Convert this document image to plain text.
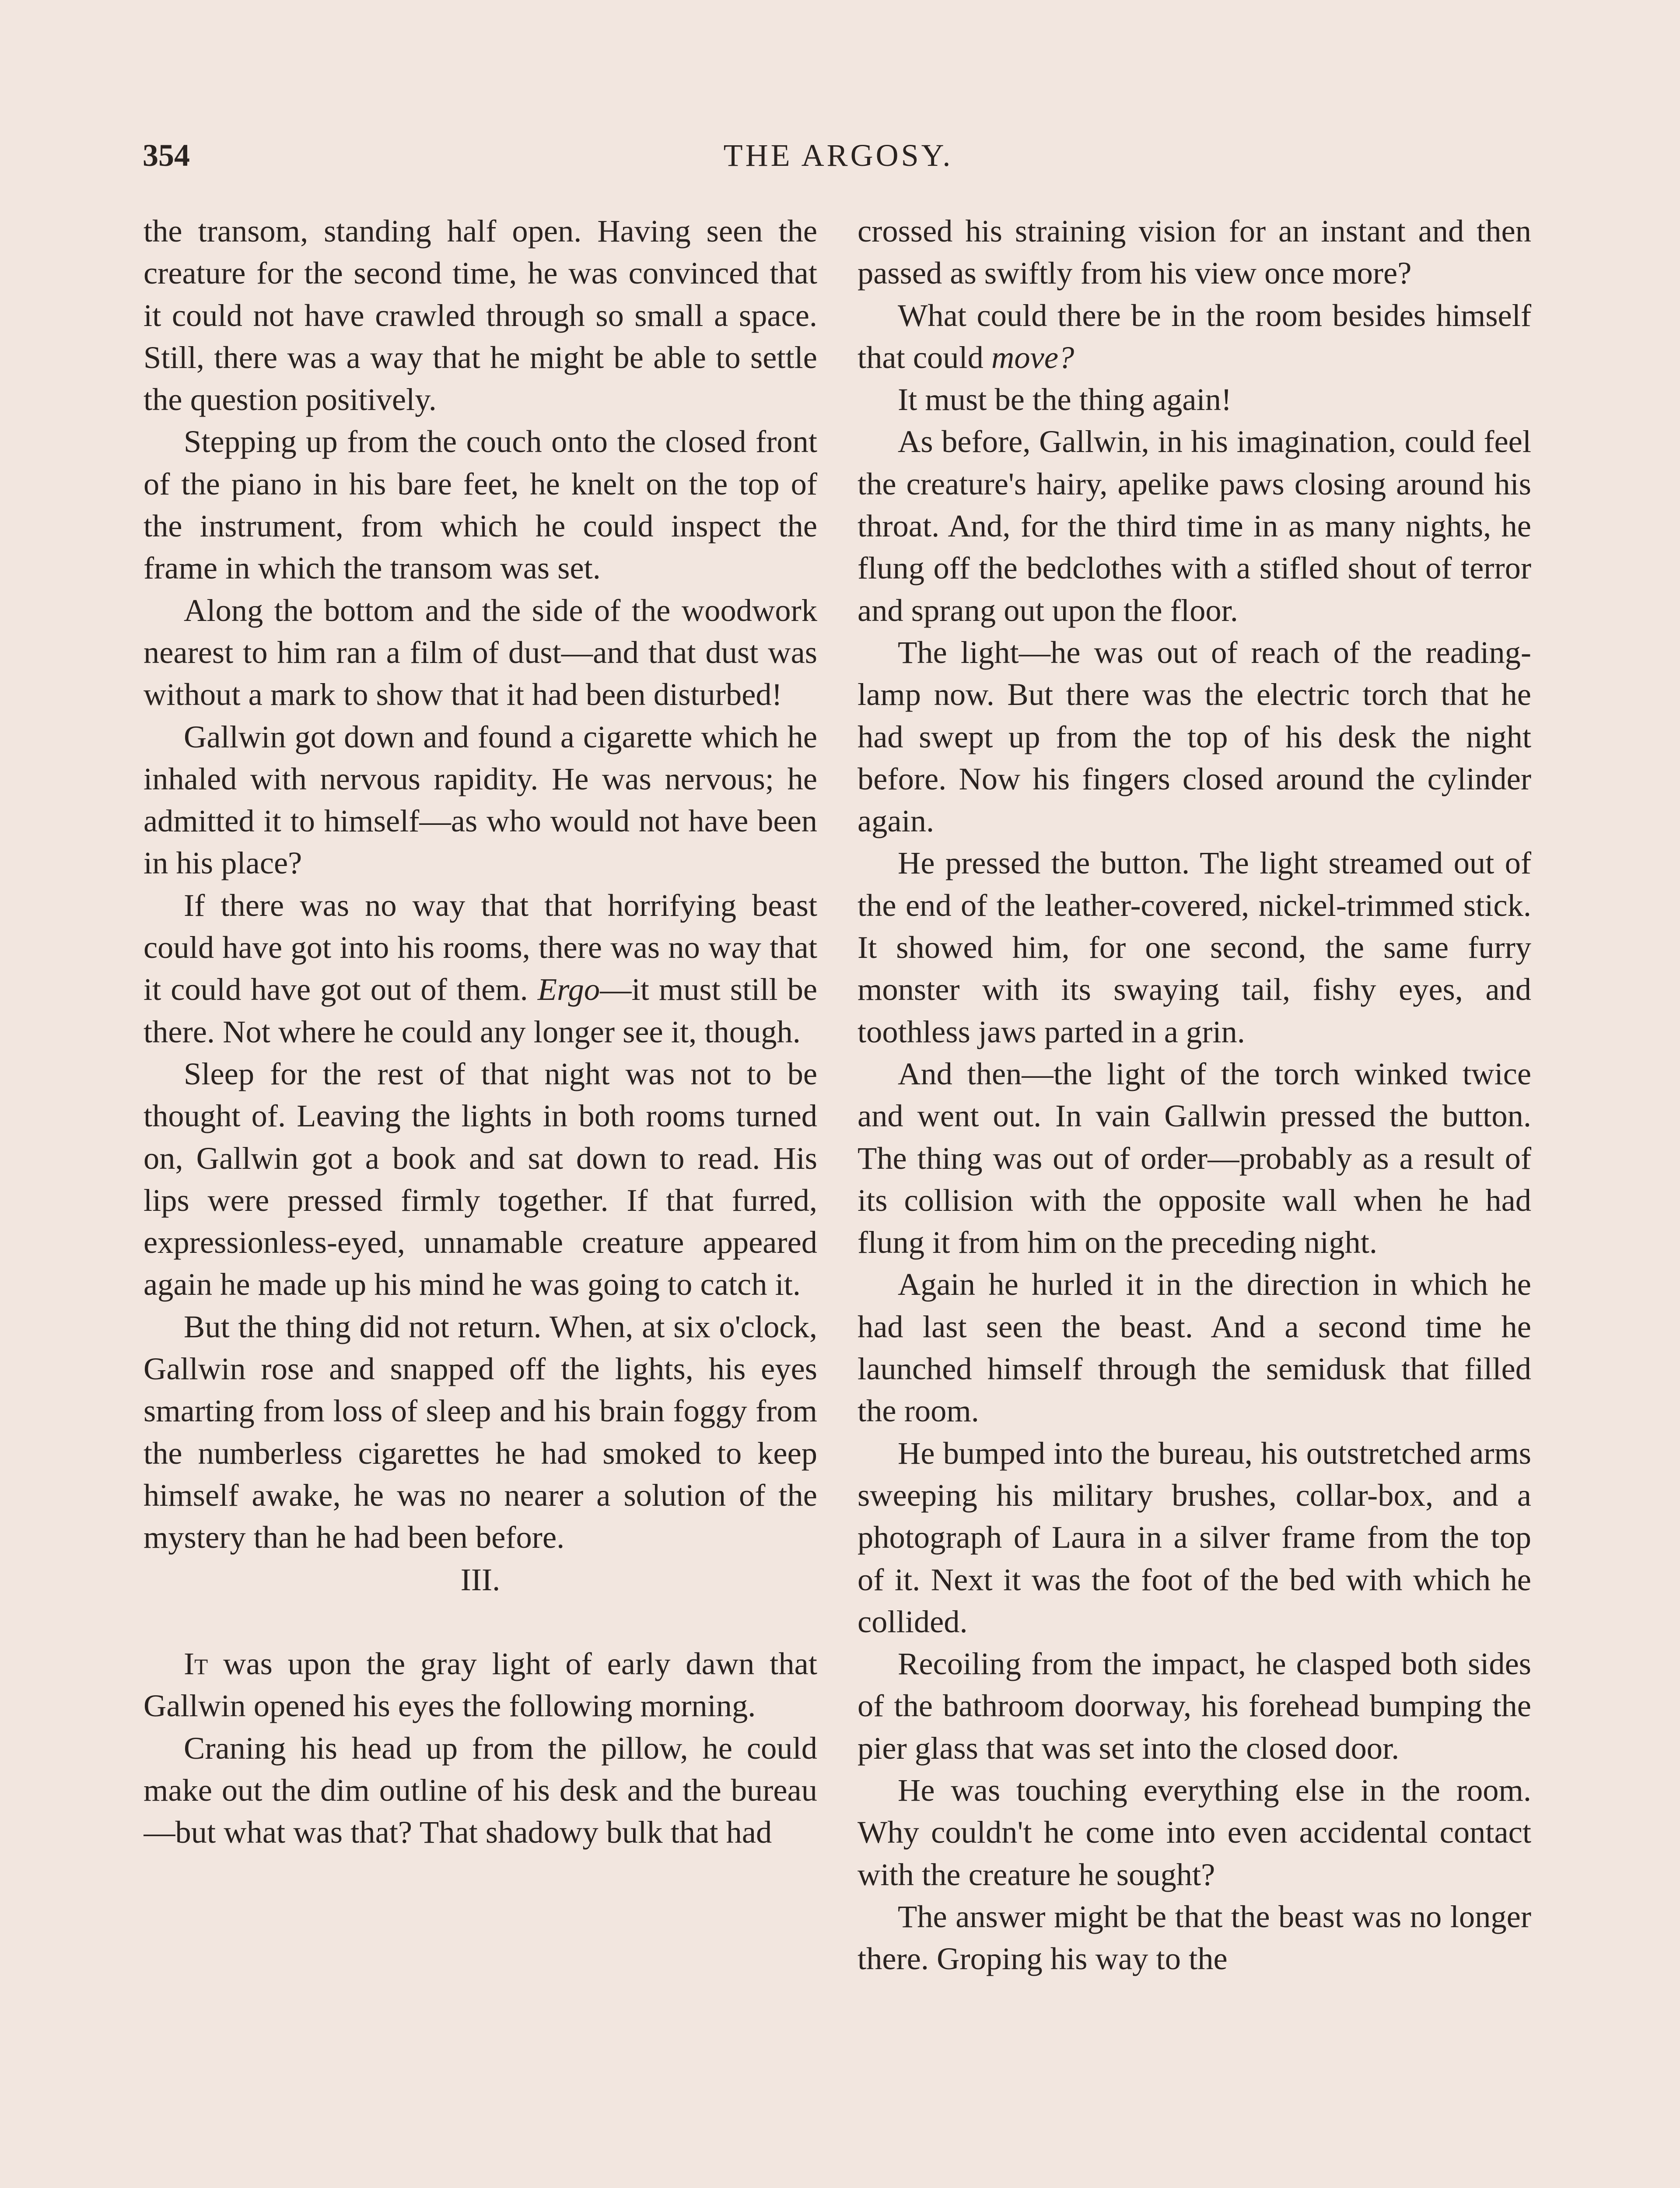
354	THE ARGOSY.

the transom, standing half open. Having seen the creature for the second time, he was convinced that it could not have crawled through so small a space. Still, there was a way that he might be able to settle the question positively.

Stepping up from the couch onto the closed front of the piano in his bare feet, he knelt on the top of the instrument, from which he could inspect the frame in which the transom was set.

Along the bottom and the side of the woodwork nearest to him ran a film of dust—and that dust was without a mark to show that it had been disturbed!

Gallwin got down and found a cigarette which he inhaled with nervous rapidity. He was nervous; he admitted it to himself—as who would not have been in his place?

If there was no way that that horrifying beast could have got into his rooms, there was no way that it could have got out of them. Ergo—it must still be there. Not where he could any longer see it, though.

Sleep for the rest of that night was not to be thought of. Leaving the lights in both rooms turned on, Gallwin got a book and sat down to read. His lips were pressed firmly together. If that furred, expressionless-eyed, unnamable creature appeared again he made up his mind he was going to catch it.

But the thing did not return. When, at six o'clock, Gallwin rose and snapped off the lights, his eyes smarting from loss of sleep and his brain foggy from the numberless cigarettes he had smoked to keep himself awake, he was no nearer a solution of the mystery than he had been before.

III.

It was upon the gray light of early dawn that Gallwin opened his eyes the following morning.

Craning his head up from the pillow, he could make out the dim outline of his desk and the bureau—but what was that? That shadowy bulk that had

crossed his straining vision for an instant and then passed as swiftly from his view once more?

What could there be in the room besides himself that could move?

It must be the thing again!

As before, Gallwin, in his imagination, could feel the creature's hairy, apelike paws closing around his throat. And, for the third time in as many nights, he flung off the bedclothes with a stifled shout of terror and sprang out upon the floor.

The light—he was out of reach of the reading-lamp now. But there was the electric torch that he had swept up from the top of his desk the night before. Now his fingers closed around the cylinder again.

He pressed the button. The light streamed out of the end of the leather-covered, nickel-trimmed stick. It showed him, for one second, the same furry monster with its swaying tail, fishy eyes, and toothless jaws parted in a grin.

And then—the light of the torch winked twice and went out. In vain Gallwin pressed the button. The thing was out of order—probably as a result of its collision with the opposite wall when he had flung it from him on the preceding night.

Again he hurled it in the direction in which he had last seen the beast. And a second time he launched himself through the semidusk that filled the room.

He bumped into the bureau, his outstretched arms sweeping his military brushes, collar-box, and a photograph of Laura in a silver frame from the top of it. Next it was the foot of the bed with which he collided.

Recoiling from the impact, he clasped both sides of the bathroom doorway, his forehead bumping the pier glass that was set into the closed door.

He was touching everything else in the room. Why couldn't he come into even accidental contact with the creature he sought?

The answer might be that the beast was no longer there. Groping his way to the
